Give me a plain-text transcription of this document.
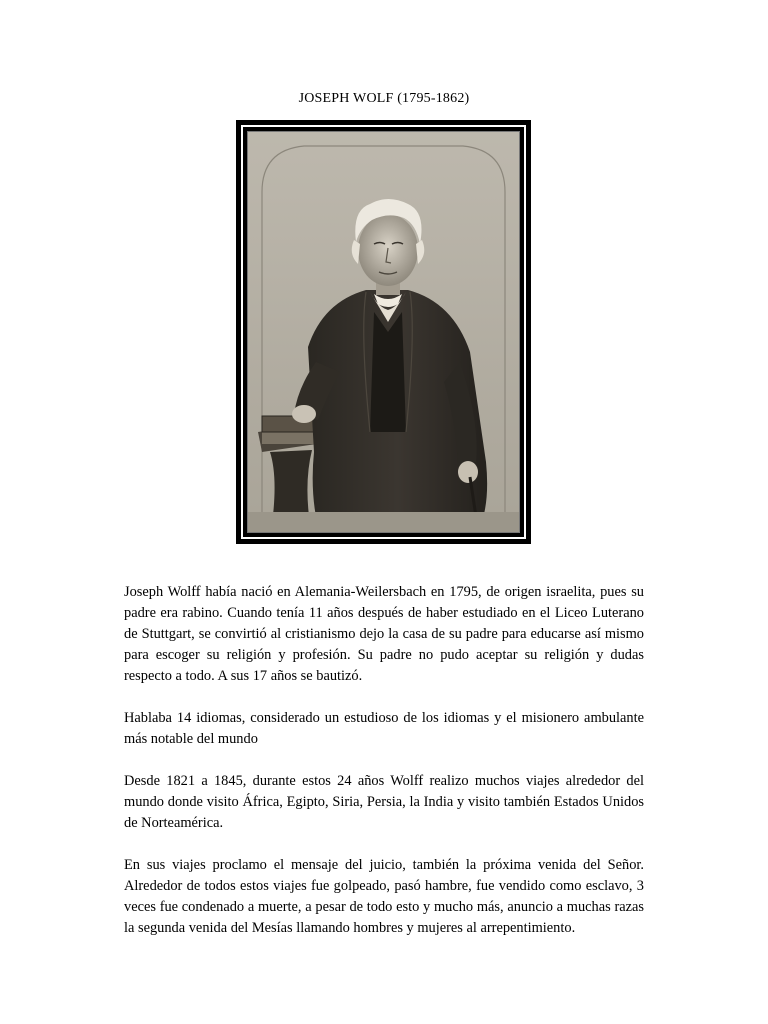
JOSEPH WOLF (1795-1862)

Joseph Wolff había nació en Alemania-Weilersbach en 1795, de origen israelita, pues su padre era rabino. Cuando tenía 11 años después de haber estudiado en el Liceo Luterano de Stuttgart, se convirtió al cristianismo dejo la casa de su padre para educarse así mismo para escoger su religión y profesión. Su padre no pudo aceptar su religión y dudas respecto a todo. A sus 17 años se bautizó.

Hablaba 14 idiomas, considerado un estudioso de los idiomas y el misionero ambulante más notable del mundo

Desde 1821 a 1845, durante estos 24 años Wolff realizo muchos viajes alrededor del mundo donde visito África, Egipto, Siria, Persia, la India y visito también Estados Unidos de Norteamérica.

En sus viajes proclamo el mensaje del juicio, también la próxima venida del Señor. Alrededor de todos estos viajes fue golpeado, pasó hambre, fue vendido como esclavo, 3 veces fue condenado a muerte, a pesar de todo esto y mucho más, anuncio a muchas razas la segunda venida del Mesías llamando hombres y mujeres al arrepentimiento.
